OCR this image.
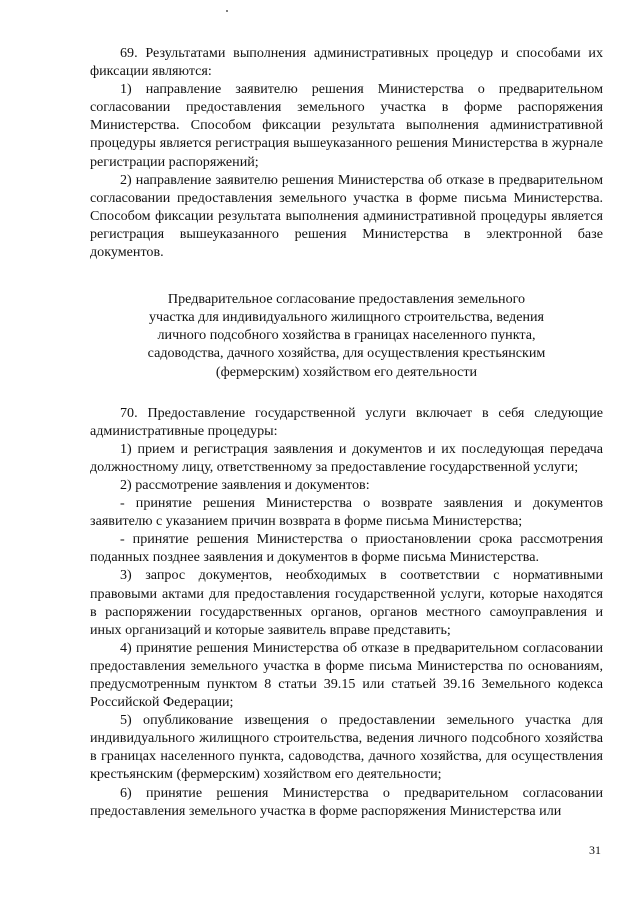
69. Результатами выполнения административных процедур и способами их фиксации являются:

1) направление заявителю решения Министерства о предварительном согласовании предоставления земельного участка в форме распоряжения Министерства. Способом фиксации результата выполнения административной процедуры является регистрация вышеуказанного решения Министерства в журнале регистрации распоряжений;

2) направление заявителю решения Министерства об отказе в предварительном согласовании предоставления земельного участка в форме письма Министерства. Способом фиксации результата выполнения административной процедуры является регистрация вышеуказанного решения Министерства в электронной базе документов.

Предварительное согласование предоставления земельного участка для индивидуального жилищного строительства, ведения личного подсобного хозяйства в границах населенного пункта, садоводства, дачного хозяйства, для осуществления крестьянским (фермерским) хозяйством его деятельности

70. Предоставление государственной услуги включает в себя следующие административные процедуры:

1) прием и регистрация заявления и документов и их последующая передача должностному лицу, ответственному за предоставление государственной услуги;

2) рассмотрение заявления и документов:

- принятие решения Министерства о возврате заявления и документов заявителю с указанием причин возврата в форме письма Министерства;

- принятие решения Министерства о приостановлении срока рассмотрения поданных позднее заявления и документов в форме письма Министерства.

3) запрос документов, необходимых в соответствии с нормативными правовыми актами для предоставления государственной услуги, которые находятся в распоряжении государственных органов, органов местного самоуправления и иных организаций и которые заявитель вправе представить;

4) принятие решения Министерства об отказе в предварительном согласовании предоставления земельного участка в форме письма Министерства по основаниям, предусмотренным пунктом 8 статьи 39.15 или статьей 39.16 Земельного кодекса Российской Федерации;

5) опубликование извещения о предоставлении земельного участка для индивидуального жилищного строительства, ведения личного подсобного хозяйства в границах населенного пункта, садоводства, дачного хозяйства, для осуществления крестьянским (фермерским) хозяйством его деятельности;

6) принятие решения Министерства о предварительном согласовании предоставления земельного участка в форме распоряжения Министерства или

31
